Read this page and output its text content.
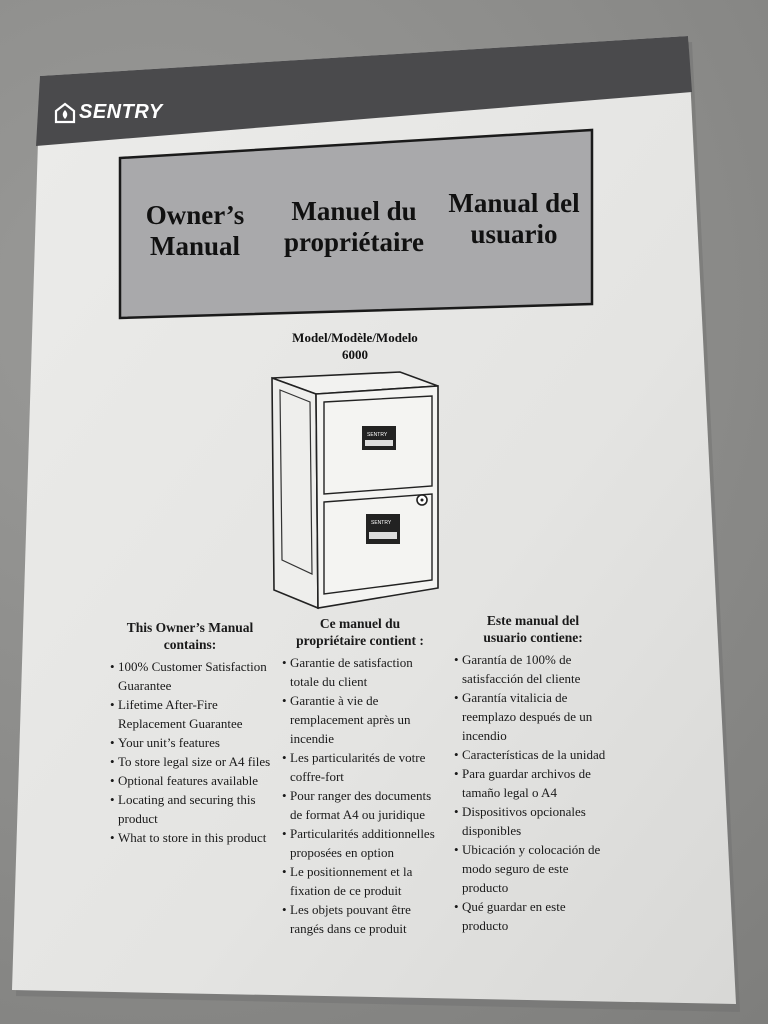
SENTRY
Owner’s
Manual
Manuel du
propriétaire
Manual del
usuario
Model/Modèle/Modelo
6000
SENTRY
SENTRY
This Owner’s Manual
contains:
• 100% Customer Satisfaction Guarantee
• Lifetime After-Fire Replacement Guarantee
• Your unit’s features
• To store legal size or A4 files
• Optional features available
• Locating and securing this product
• What to store in this product
Ce manuel du
propriétaire contient :
• Garantie de satisfaction totale du client
• Garantie à vie de remplacement après un incendie
• Les particularités de votre coffre-fort
• Pour ranger des documents de format A4 ou juridique
• Particularités additionnelles proposées en option
• Le positionnement et la fixation de ce produit
• Les objets pouvant être rangés dans ce produit
Este manual del
usuario contiene:
• Garantía de 100% de satisfacción del cliente
• Garantía vitalicia de reemplazo después de un incendio
• Características de la unidad
• Para guardar archivos de tamaño legal o A4
• Dispositivos opcionales disponibles
• Ubicación y colocación de modo seguro de este producto
• Qué guardar en este producto
